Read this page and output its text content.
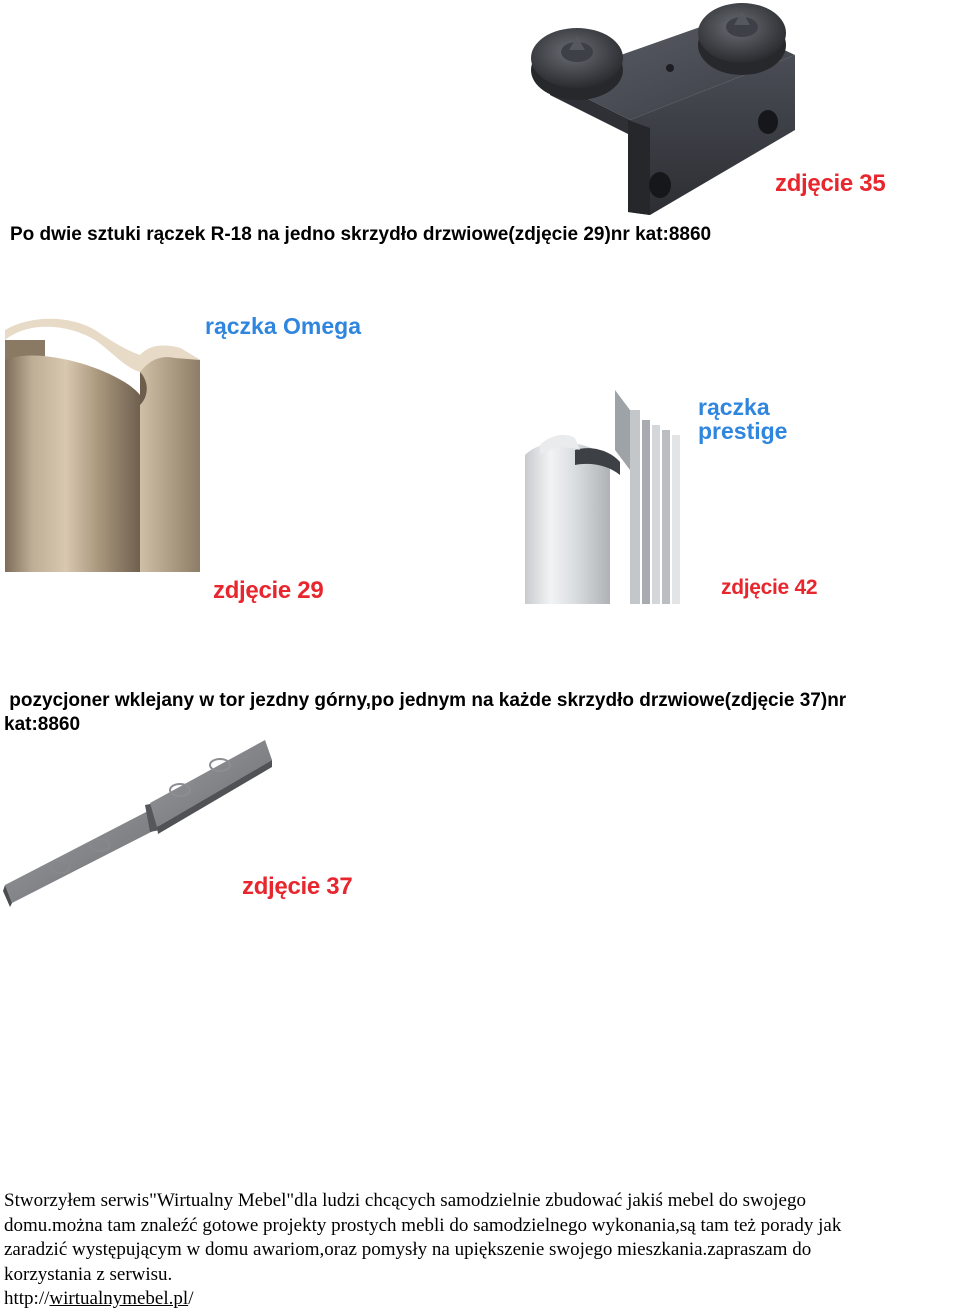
zdjęcie 35

Po dwie sztuki rączek R-18 na jedno skrzydło drzwiowe(zdjęcie 29)nr kat:8860

rączka Omega
zdjęcie 29
rączka
prestige
zdjęcie 42

pozycjoner wklejany w tor jezdny górny,po jednym na każde skrzydło drzwiowe(zdjęcie 37)nr

kat:8860

zdjęcie 37

Stworzyłem serwis"Wirtualny Mebel"dla ludzi chcących samodzielnie zbudować jakiś mebel do swojego

domu.można tam znaleźć gotowe projekty prostych mebli do samodzielnego wykonania,są tam też porady jak

zaradzić występującym w domu awariom,oraz pomysły na upiększenie swojego mieszkania.zapraszam do

korzystania z serwisu.

http://wirtualnymebel.pl/
